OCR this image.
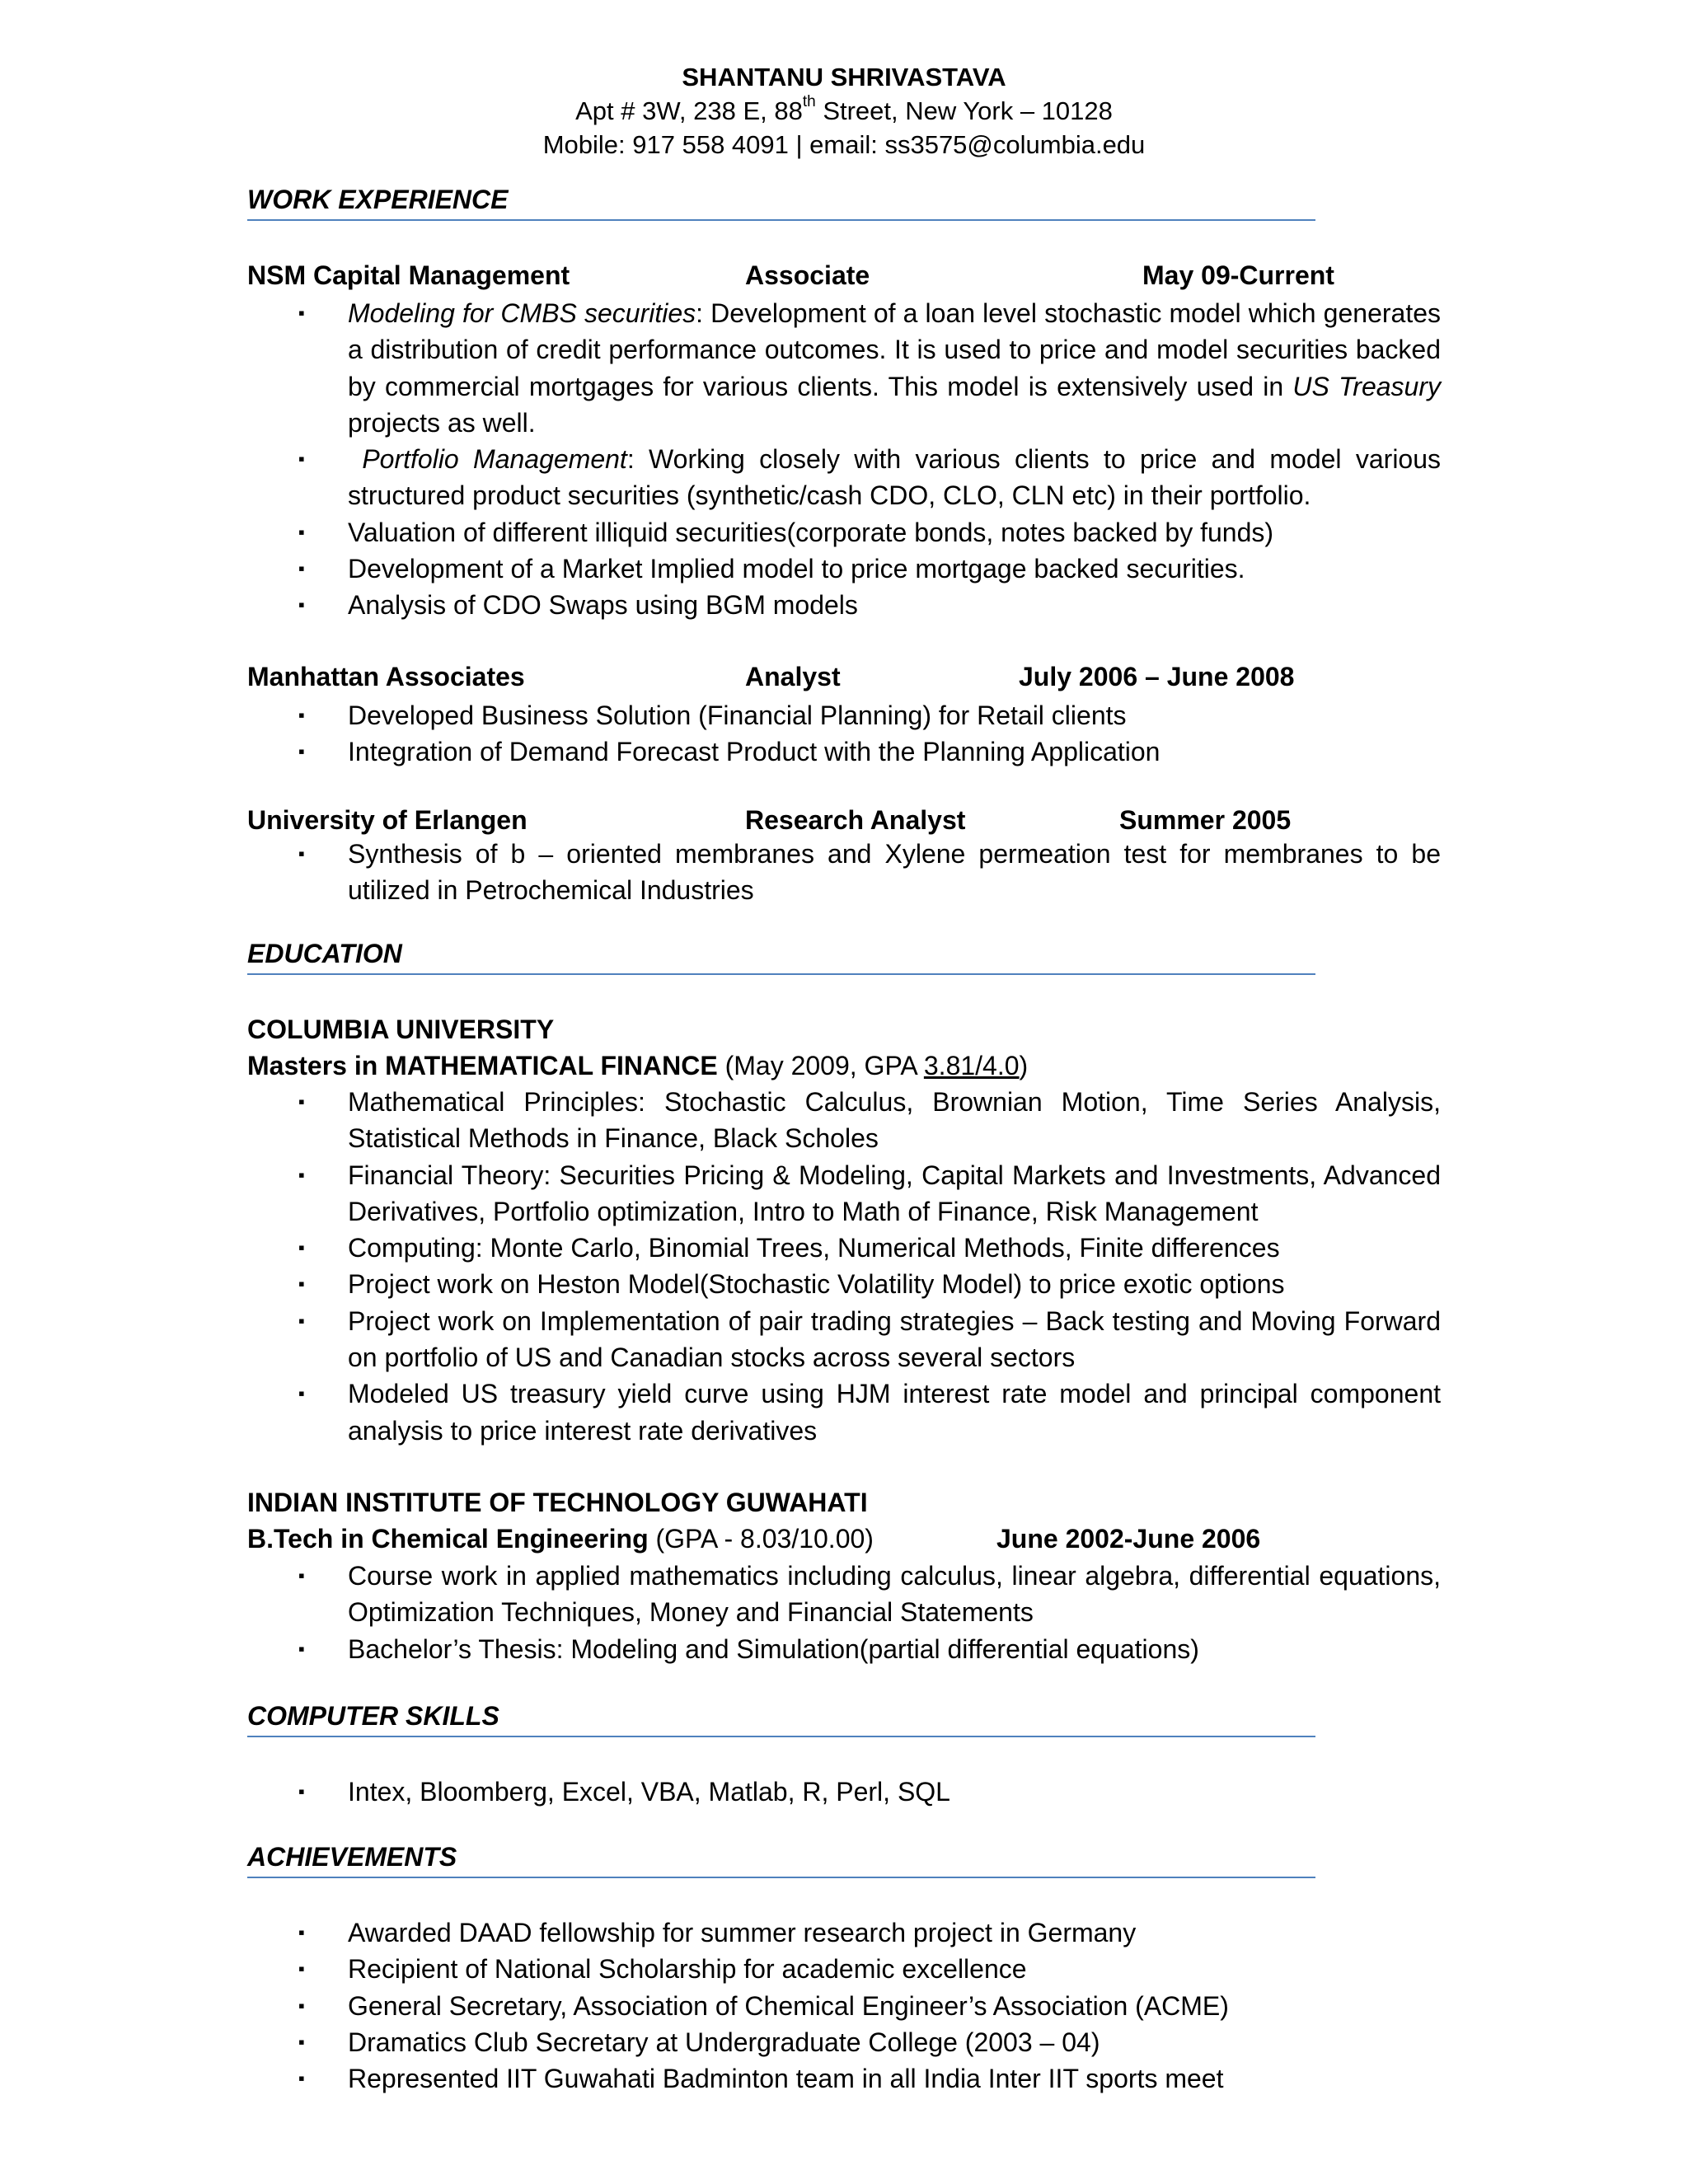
SHANTANU SHRIVASTAVA
Apt # 3W, 238 E, 88th Street, New York – 10128
Mobile: 917 558 4091 | email: ss3575@columbia.edu
WORK EXPERIENCE
NSM Capital Management	Associate	May 09-Current
▪ Modeling for CMBS securities: Development of a loan level stochastic model which generates a distribution of credit performance outcomes. It is used to price and model securities backed by commercial mortgages for various clients. This model is extensively used in US Treasury projects as well.
▪	Portfolio Management: Working closely with various clients to price and model various structured product securities (synthetic/cash CDO, CLO, CLN etc) in their portfolio.
▪ Valuation of different illiquid securities(corporate bonds, notes backed by funds)
▪ Development of a Market Implied model to price mortgage backed securities.
▪ Analysis of CDO Swaps using BGM models
Manhattan Associates	Analyst	July 2006 – June 2008
▪ Developed Business Solution (Financial Planning) for Retail clients
▪ Integration of Demand Forecast Product with the Planning Application
University of Erlangen	Research Analyst	Summer 2005
▪ Synthesis of b – oriented membranes and Xylene permeation test for membranes to be utilized in Petrochemical Industries
EDUCATION
COLUMBIA UNIVERSITY
Masters in MATHEMATICAL FINANCE (May 2009, GPA 3.81/4.0)
▪ Mathematical Principles: Stochastic Calculus, Brownian Motion, Time Series Analysis, Statistical Methods in Finance, Black Scholes
▪ Financial Theory: Securities Pricing & Modeling, Capital Markets and Investments, Advanced Derivatives, Portfolio optimization, Intro to Math of Finance, Risk Management
▪ Computing: Monte Carlo, Binomial Trees, Numerical Methods, Finite differences
▪ Project work on Heston Model(Stochastic Volatility Model) to price exotic options
▪ Project work on Implementation of pair trading strategies – Back testing and Moving Forward on portfolio of US and Canadian stocks across several sectors
▪ Modeled US treasury yield curve using HJM interest rate model and principal component analysis to price interest rate derivatives
INDIAN INSTITUTE OF TECHNOLOGY GUWAHATI
B.Tech in Chemical Engineering (GPA - 8.03/10.00)	June 2002-June 2006
▪ Course work in applied mathematics including calculus, linear algebra, differential equations, Optimization Techniques, Money and Financial Statements
▪ Bachelor’s Thesis: Modeling and Simulation(partial differential equations)
COMPUTER SKILLS
▪ Intex, Bloomberg, Excel, VBA, Matlab, R, Perl, SQL
ACHIEVEMENTS
▪ Awarded DAAD fellowship for summer research project in Germany
▪ Recipient of National Scholarship for academic excellence
▪ General Secretary, Association of Chemical Engineer’s Association (ACME)
▪ Dramatics Club Secretary at Undergraduate College (2003 – 04)
▪ Represented IIT Guwahati Badminton team in all India Inter IIT sports meet
